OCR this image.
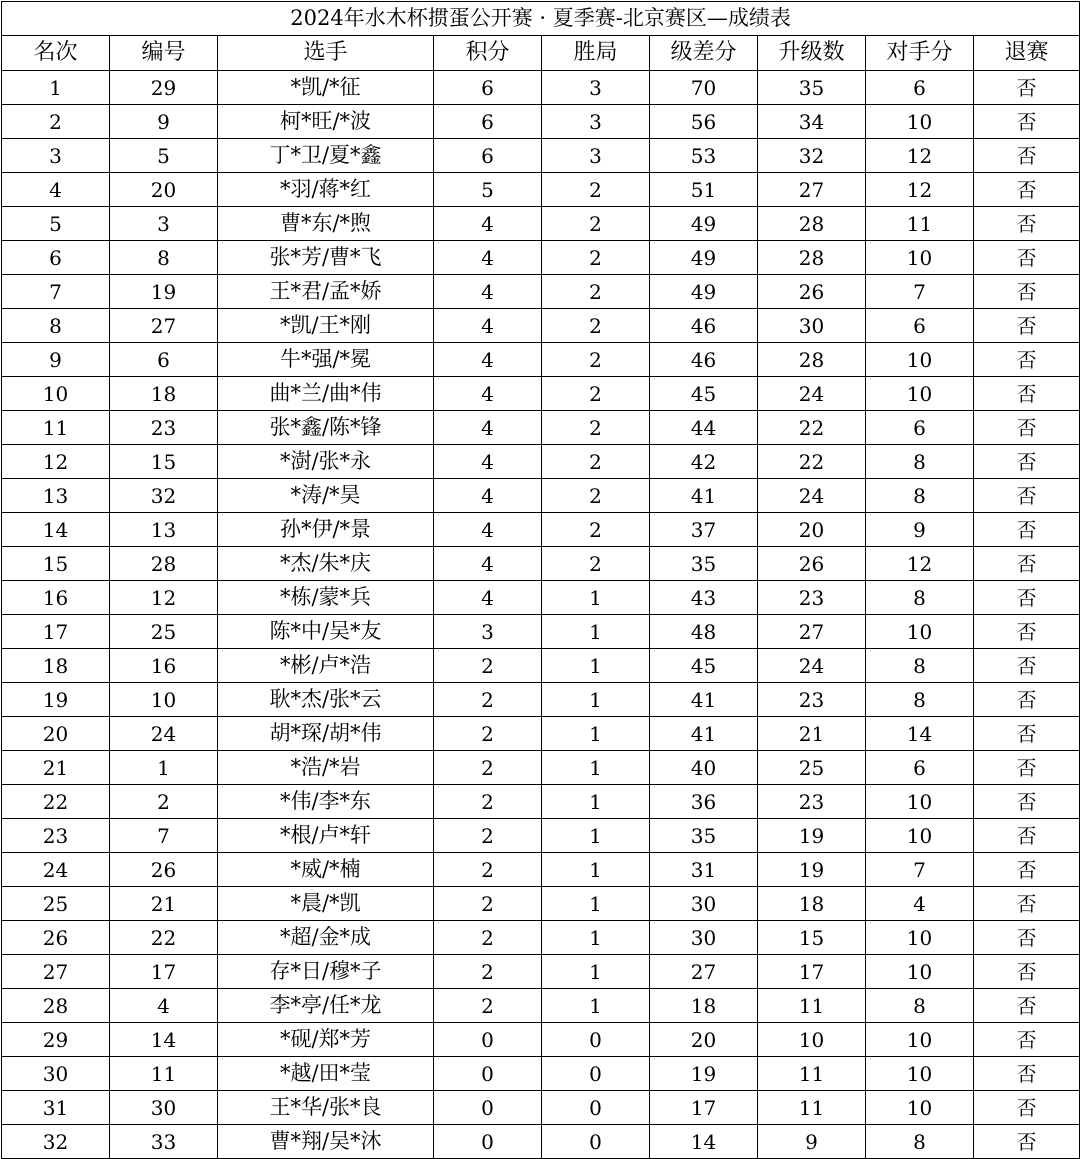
2024年水木杯掼蛋公开赛 · 夏季赛-北京赛区—成绩表								
名次	编号	选手	积分	胜局	级差分	升级数	对手分	退赛
1	29	*凯/*征	6	3	70	35	6	否
2	9	柯*旺/*波	6	3	56	34	10	否
3	5	丁*卫/夏*鑫	6	3	53	32	12	否
4	20	*羽/蒋*红	5	2	51	27	12	否
5	3	曹*东/*煦	4	2	49	28	11	否
6	8	张*芳/曹*飞	4	2	49	28	10	否
7	19	王*君/孟*娇	4	2	49	26	7	否
8	27	*凯/王*刚	4	2	46	30	6	否
9	6	牛*强/*冕	4	2	46	28	10	否
10	18	曲*兰/曲*伟	4	2	45	24	10	否
11	23	张*鑫/陈*锋	4	2	44	22	6	否
12	15	*澍/张*永	4	2	42	22	8	否
13	32	*涛/*昊	4	2	41	24	8	否
14	13	孙*伊/*景	4	2	37	20	9	否
15	28	*杰/朱*庆	4	2	35	26	12	否
16	12	*栋/蒙*兵	4	1	43	23	8	否
17	25	陈*中/吴*友	3	1	48	27	10	否
18	16	*彬/卢*浩	2	1	45	24	8	否
19	10	耿*杰/张*云	2	1	41	23	8	否
20	24	胡*琛/胡*伟	2	1	41	21	14	否
21	1	*浩/*岩	2	1	40	25	6	否
22	2	*伟/李*东	2	1	36	23	10	否
23	7	*根/卢*轩	2	1	35	19	10	否
24	26	*威/*楠	2	1	31	19	7	否
25	21	*晨/*凯	2	1	30	18	4	否
26	22	*超/金*成	2	1	30	15	10	否
27	17	存*日/穆*子	2	1	27	17	10	否
28	4	李*亭/任*龙	2	1	18	11	8	否
29	14	*砚/郑*芳	0	0	20	10	10	否
30	11	*越/田*莹	0	0	19	11	10	否
31	30	王*华/张*良	0	0	17	11	10	否
32	33	曹*翔/吴*沐	0	0	14	9	8	否
